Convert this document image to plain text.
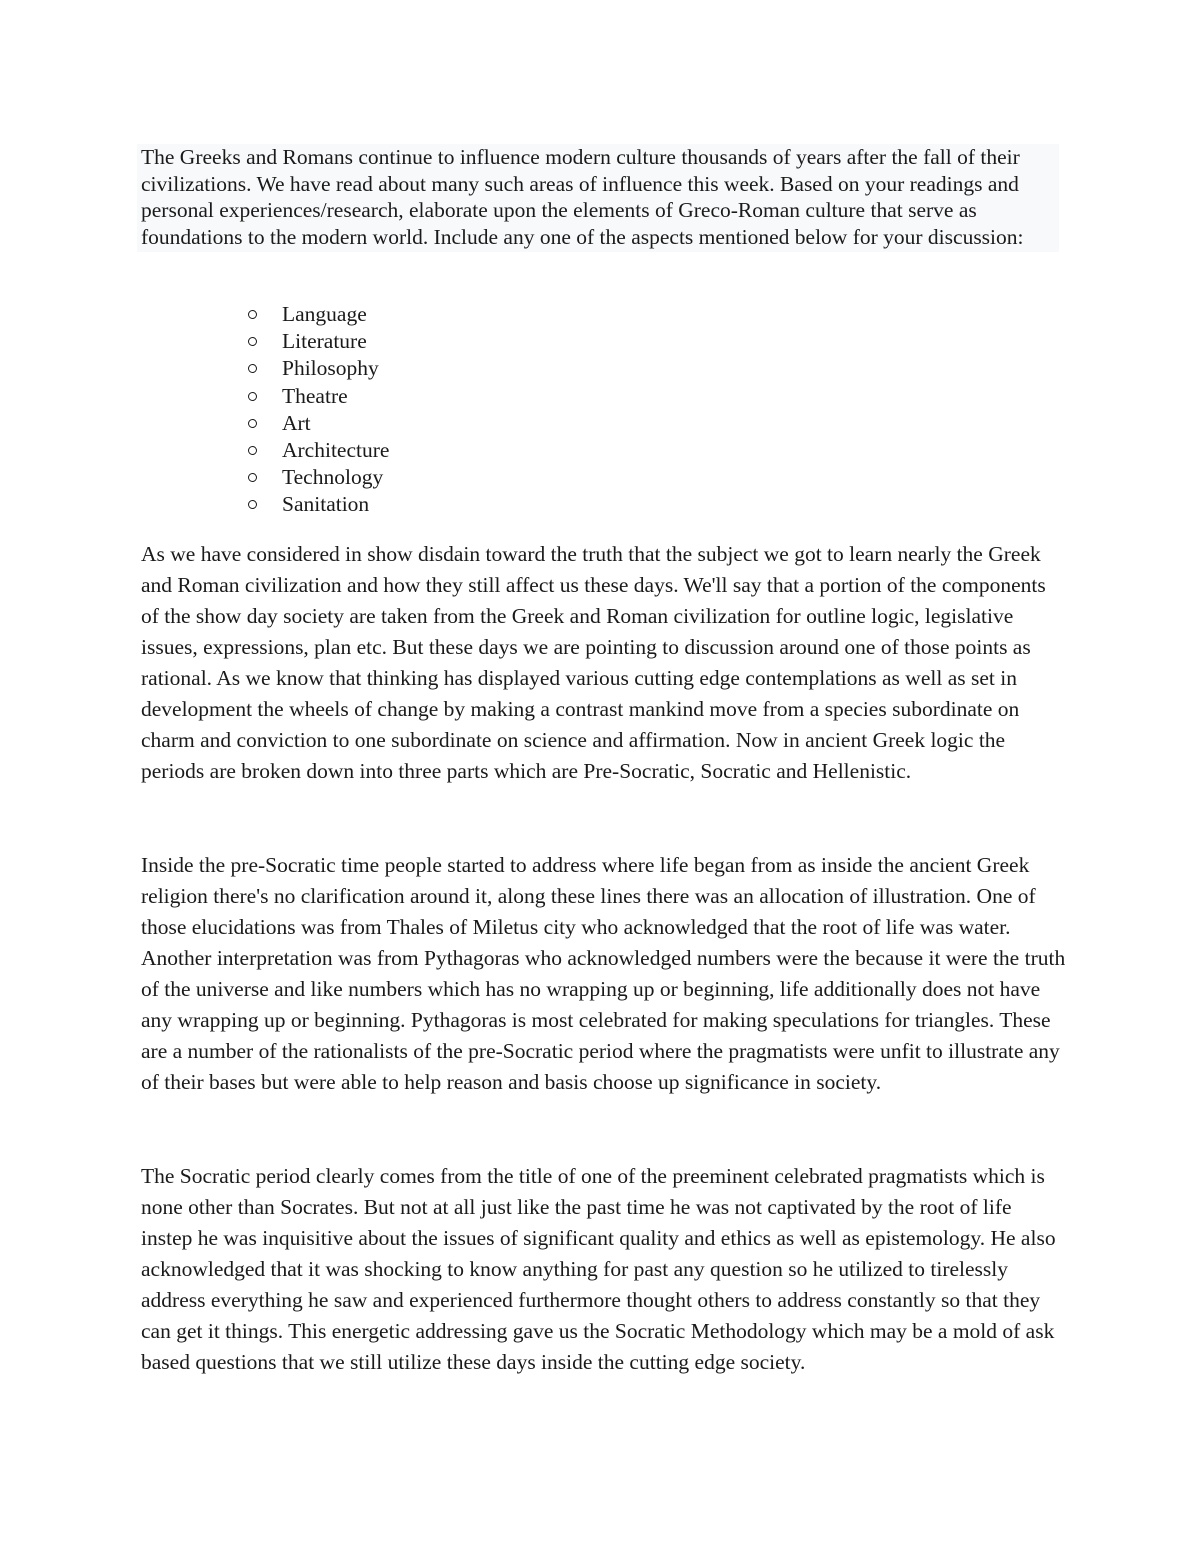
The Greeks and Romans continue to influence modern culture thousands of years after the fall of their civilizations. We have read about many such areas of influence this week. Based on your readings and personal experiences/research, elaborate upon the elements of Greco-Roman culture that serve as foundations to the modern world. Include any one of the aspects mentioned below for your discussion:
Language
Literature
Philosophy
Theatre
Art
Architecture
Technology
Sanitation

As we have considered in show disdain toward the truth that the subject we got to learn nearly the Greek and Roman civilization and how they still affect us these days. We'll say that a portion of the components of the show day society are taken from the Greek and Roman civilization for outline logic, legislative issues, expressions, plan etc. But these days we are pointing to discussion around one of those points as rational. As we know that thinking has displayed various cutting edge contemplations as well as set in development the wheels of change by making a contrast mankind move from a species subordinate on charm and conviction to one subordinate on science and affirmation. Now in ancient Greek logic the periods are broken down into three parts which are Pre-Socratic, Socratic and Hellenistic.

Inside the pre-Socratic time people started to address where life began from as inside the ancient Greek religion there's no clarification around it, along these lines there was an allocation of illustration. One of those elucidations was from Thales of Miletus city who acknowledged that the root of life was water. Another interpretation was from Pythagoras who acknowledged numbers were the because it were the truth of the universe and like numbers which has no wrapping up or beginning, life additionally does not have any wrapping up or beginning. Pythagoras is most celebrated for making speculations for triangles. These are a number of the rationalists of the pre-Socratic period where the pragmatists were unfit to illustrate any of their bases but were able to help reason and basis choose up significance in society.

The Socratic period clearly comes from the title of one of the preeminent celebrated pragmatists which is none other than Socrates. But not at all just like the past time he was not captivated by the root of life instep he was inquisitive about the issues of significant quality and ethics as well as epistemology. He also acknowledged that it was shocking to know anything for past any question so he utilized to tirelessly address everything he saw and experienced furthermore thought others to address constantly so that they can get it things. This energetic addressing gave us the Socratic Methodology which may be a mold of ask based questions that we still utilize these days inside the cutting edge society.
